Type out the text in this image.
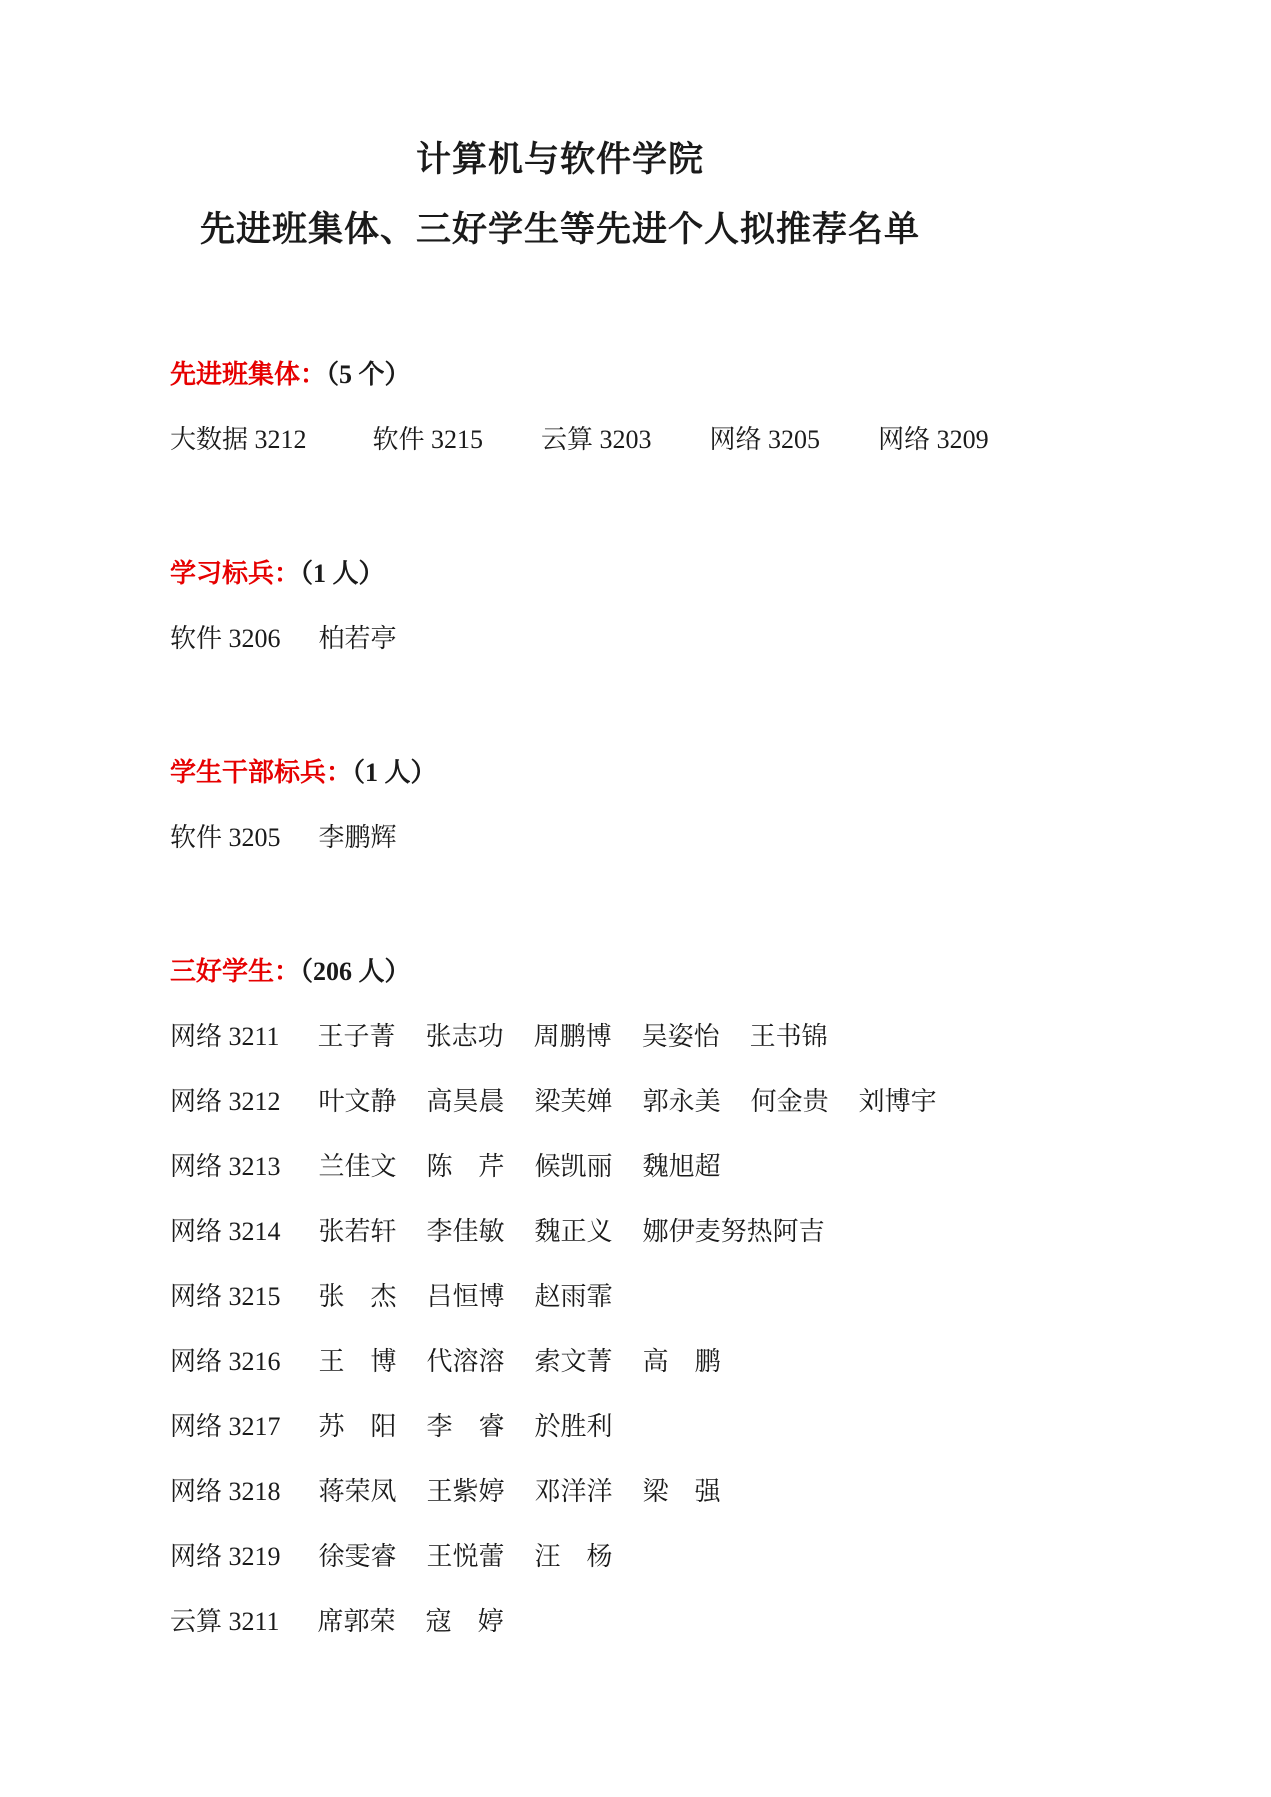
计算机与软件学院
先进班集体、三好学生等先进个人拟推荐名单
先进班集体：（5 个）

大数据 3212	软件 3215 云算 3203 网络 3205 网络 3209

学习标兵：（1 人）

软件 3206 柏若亭

学生干部标兵：（1 人）

软件 3205 李鹏辉

三好学生：（206 人）

网络 3211 王子菁 张志功 周鹏博 吴姿怡 王书锦

网络 3212 叶文静 高昊晨 梁芙婵 郭永美 何金贵 刘博宇

网络 3213 兰佳文 陈　芹 候凯丽 魏旭超

网络 3214 张若轩 李佳敏 魏正义 娜伊麦努热阿吉

网络 3215 张　杰 吕恒博 赵雨霏

网络 3216 王　博 代溶溶 索文菁 高　鹏

网络 3217 苏　阳 李　睿 於胜利

网络 3218 蒋荣凤 王紫婷 邓洋洋 梁　强

网络 3219 徐雯睿 王悦蕾 汪　杨

云算 3211 席郭荣 寇　婷
